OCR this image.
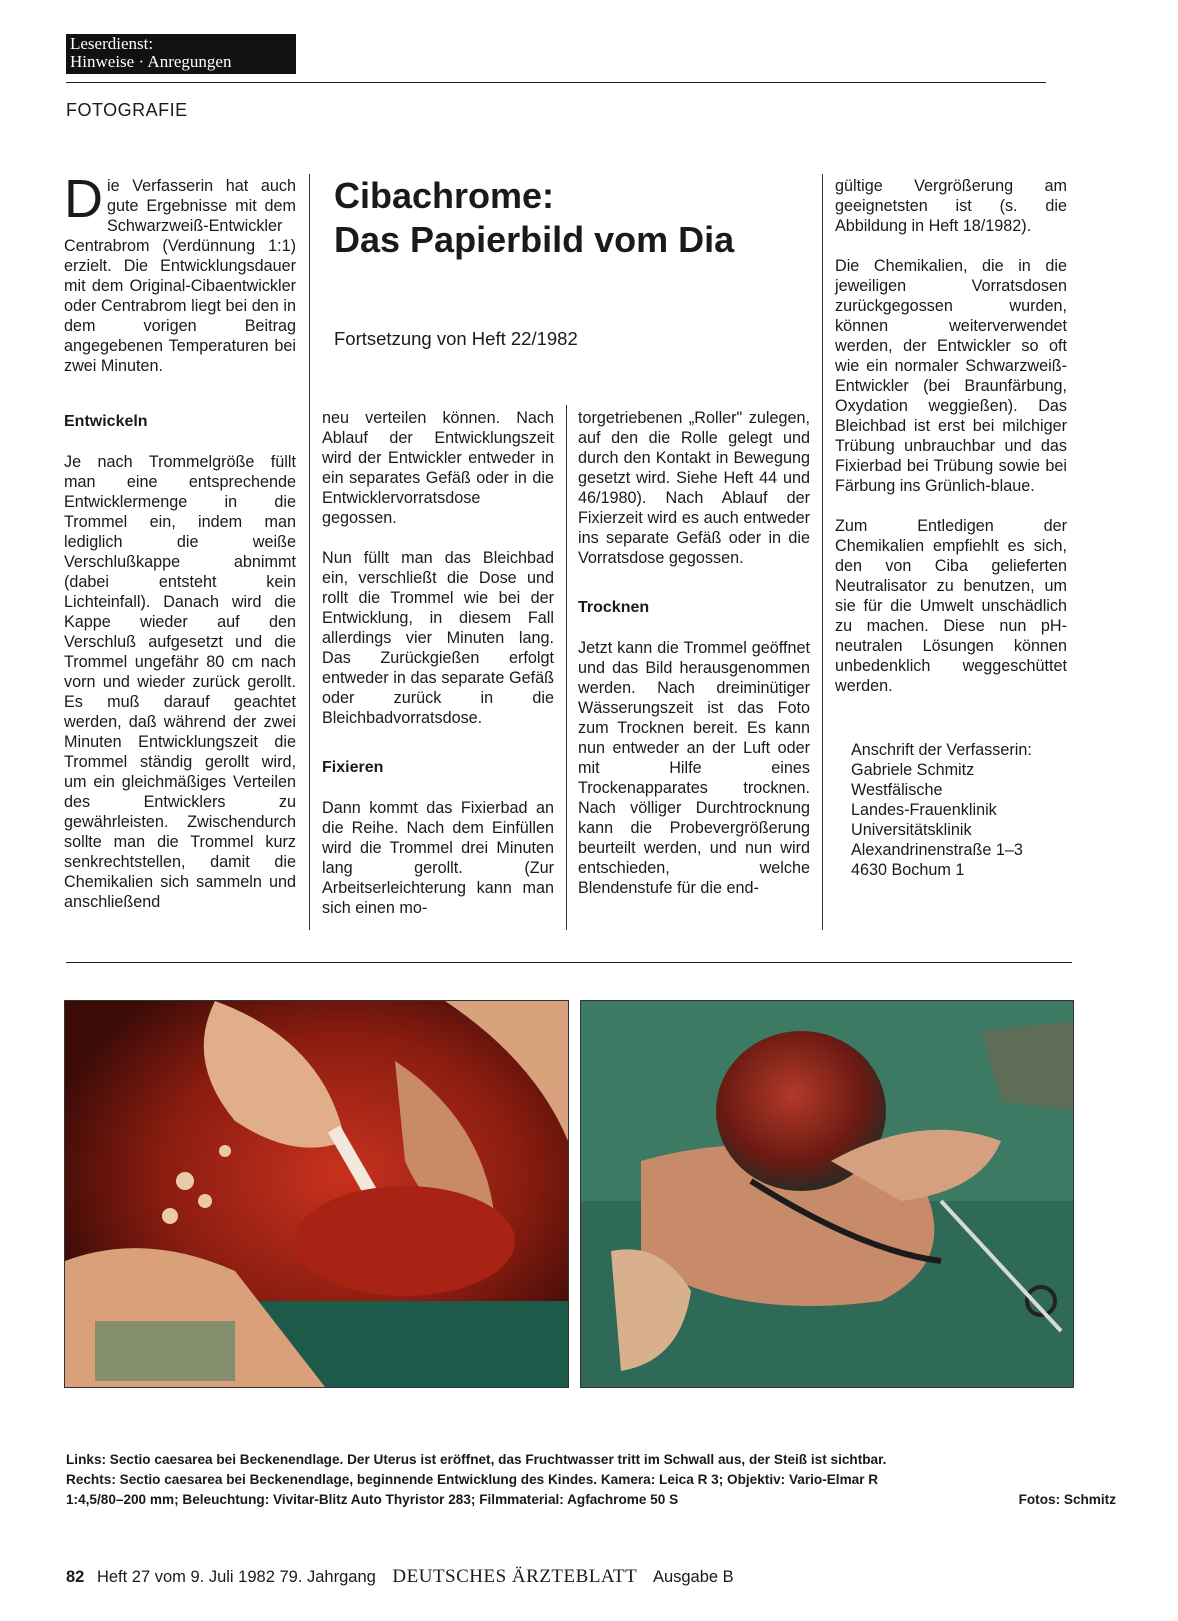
Leserdienst:
Hinweise · Anregungen
FOTOGRAFIE

Die Verfasserin hat auch gute Ergebnisse mit dem Schwarzweiß-Entwickler Centrabrom (Verdünnung 1:1) erzielt. Die Entwicklungsdauer mit dem Original-Cibaentwickler oder Centrabrom liegt bei den in dem vorigen Beitrag angegebenen Temperaturen bei zwei Minuten.

Entwickeln

Je nach Trommelgröße füllt man eine entsprechende Entwicklermenge in die Trommel ein, indem man lediglich die weiße Verschlußkappe abnimmt (dabei entsteht kein Lichteinfall). Danach wird die Kappe wieder auf den Verschluß aufgesetzt und die Trommel ungefähr 80 cm nach vorn und wieder zurück gerollt. Es muß darauf geachtet werden, daß während der zwei Minuten Entwicklungszeit die Trommel ständig gerollt wird, um ein gleichmäßiges Verteilen des Entwicklers zu gewährleisten. Zwischendurch sollte man die Trommel kurz senkrechtstellen, damit die Chemikalien sich sammeln und anschließend

Cibachrome:
Das Papierbild vom Dia
Fortsetzung von Heft 22/1982

neu verteilen können. Nach Ablauf der Entwicklungszeit wird der Entwickler entweder in ein separates Gefäß oder in die Entwicklervorratsdose gegossen.

Nun füllt man das Bleichbad ein, verschließt die Dose und rollt die Trommel wie bei der Entwicklung, in diesem Fall allerdings vier Minuten lang. Das Zurückgießen erfolgt entweder in das separate Gefäß oder zurück in die Bleichbadvorratsdose.

Fixieren

Dann kommt das Fixierbad an die Reihe. Nach dem Einfüllen wird die Trommel drei Minuten lang gerollt. (Zur Arbeitserleichterung kann man sich einen mo-

torgetriebenen „Roller" zulegen, auf den die Rolle gelegt und durch den Kontakt in Bewegung gesetzt wird. Siehe Heft 44 und 46/1980). Nach Ablauf der Fixierzeit wird es auch entweder ins separate Gefäß oder in die Vorratsdose gegossen.

Trocknen

Jetzt kann die Trommel geöffnet und das Bild herausgenommen werden. Nach dreiminütiger Wässerungszeit ist das Foto zum Trocknen bereit. Es kann nun entweder an der Luft oder mit Hilfe eines Trockenapparates trocknen. Nach völliger Durchtrocknung kann die Probevergrößerung beurteilt werden, und nun wird entschieden, welche Blendenstufe für die end-

gültige Vergrößerung am geeignetsten ist (s. die Abbildung in Heft 18/1982).

Die Chemikalien, die in die jeweiligen Vorratsdosen zurückgegossen wurden, können weiterverwendet werden, der Entwickler so oft wie ein normaler Schwarzweiß-Entwickler (bei Braunfärbung, Oxydation weggießen). Das Bleichbad ist erst bei milchiger Trübung unbrauchbar und das Fixierbad bei Trübung sowie bei Färbung ins Grünlich-blaue.

Zum Entledigen der Chemikalien empfiehlt es sich, den von Ciba gelieferten Neutralisator zu benutzen, um sie für die Umwelt unschädlich zu machen. Diese nun pH-neutralen Lösungen können unbedenklich weggeschüttet werden.

Anschrift der Verfasserin:
Gabriele Schmitz
Westfälische
Landes-Frauenklinik
Universitätsklinik
Alexandrinenstraße 1–3
4630 Bochum 1
Links: Sectio caesarea bei Beckenendlage. Der Uterus ist eröffnet, das Fruchtwasser tritt im Schwall aus, der Steiß ist sichtbar.
Rechts: Sectio caesarea bei Beckenendlage, beginnende Entwicklung des Kindes. Kamera: Leica R 3; Objektiv: Vario-Elmar R
Fotos: Schmitz
1:4,5/80–200 mm; Beleuchtung: Vivitar-Blitz Auto Thyristor 283; Filmmaterial: Agfachrome 50 S
82 Heft 27 vom 9. Juli 1982 79. Jahrgang DEUTSCHES ÄRZTEBLATT Ausgabe B
